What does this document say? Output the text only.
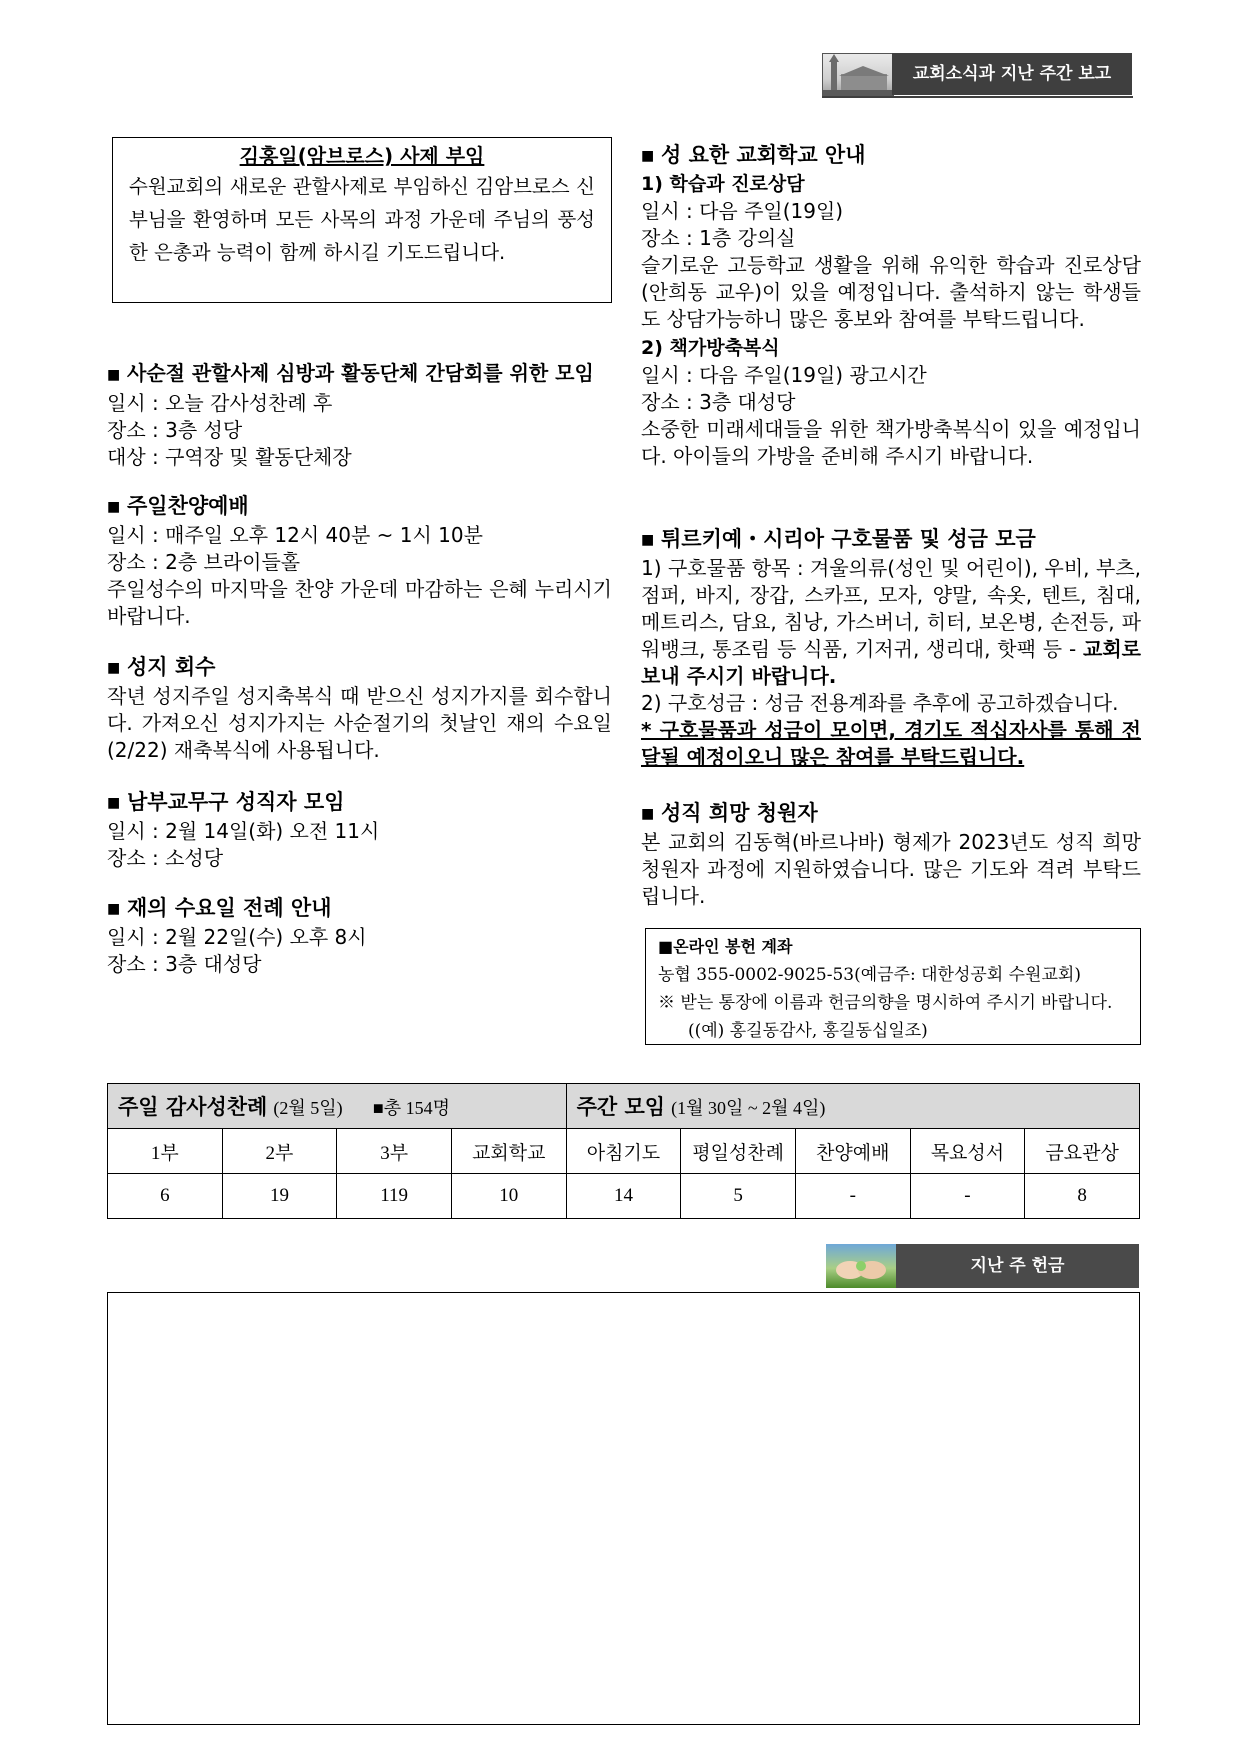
교회소식과 지난 주간 보고
김홍일(암브로스) 사제 부임
수원교회의 새로운 관할사제로 부임하신 김암브로스 신부님을 환영하며 모든 사목의 과정 가운데 주님의 풍성한 은총과 능력이 함께 하시길 기도드립니다.
■ 사순절 관할사제 심방과 활동단체 간담회를 위한 모임

일시 : 오늘 감사성찬례 후

장소 : 3층 성당

대상 : 구역장 및 활동단체장

■ 주일찬양예배

일시 : 매주일 오후 12시 40분 ~ 1시 10분

장소 : 2층 브라이들홀

주일성수의 마지막을 찬양 가운데 마감하는 은혜 누리시기 바랍니다.

■ 성지 회수

작년 성지주일 성지축복식 때 받으신 성지가지를 회수합니다. 가져오신 성지가지는 사순절기의 첫날인 재의 수요일(2/22) 재축복식에 사용됩니다.

■ 남부교무구 성직자 모임

일시 : 2월 14일(화) 오전 11시

장소 : 소성당

■ 재의 수요일 전례 안내

일시 : 2월 22일(수) 오후 8시

장소 : 3층 대성당

■ 성 요한 교회학교 안내

1) 학습과 진로상담

일시 : 다음 주일(19일)

장소 : 1층 강의실

슬기로운 고등학교 생활을 위해 유익한 학습과 진로상담(안희동 교우)이 있을 예정입니다. 출석하지 않는 학생들도 상담가능하니 많은 홍보와 참여를 부탁드립니다.

2) 책가방축복식

일시 : 다음 주일(19일) 광고시간

장소 : 3층 대성당

소중한 미래세대들을 위한 책가방축복식이 있을 예정입니다. 아이들의 가방을 준비해 주시기 바랍니다.

■ 튀르키예・시리아 구호물품 및 성금 모금

1) 구호물품 항목 : 겨울의류(성인 및 어린이), 우비, 부츠, 점퍼, 바지, 장갑, 스카프, 모자, 양말, 속옷, 텐트, 침대, 메트리스, 담요, 침낭, 가스버너, 히터, 보온병, 손전등, 파워뱅크, 통조림 등 식품, 기저귀, 생리대, 핫팩 등 - 교회로 보내 주시기 바랍니다.

2) 구호성금 : 성금 전용계좌를 추후에 공고하겠습니다.

* 구호물품과 성금이 모이면, 경기도 적십자사를 통해 전달될 예정이오니 많은 참여를 부탁드립니다.

■ 성직 희망 청원자

본 교회의 김동혁(바르나바) 형제가 2023년도 성직 희망 청원자 과정에 지원하였습니다. 많은 기도와 격려 부탁드립니다.

■온라인 봉헌 계좌
농협 355-0002-9025-53(예금주: 대한성공회 수원교회)
※ 받는 통장에 이름과 헌금의향을 명시하여 주시기 바랍니다. ((예) 홍길동감사, 홍길동십일조)
주일 감사성찬례 (2월 5일) ■총 154명				주간 모임 (1월 30일 ~ 2월 4일)				
1부	2부	3부	교회학교	아침기도	평일성찬례	찬양예배	목요성서	금요관상
6	19	119	10	14	5	-	-	8
지난 주 헌금
